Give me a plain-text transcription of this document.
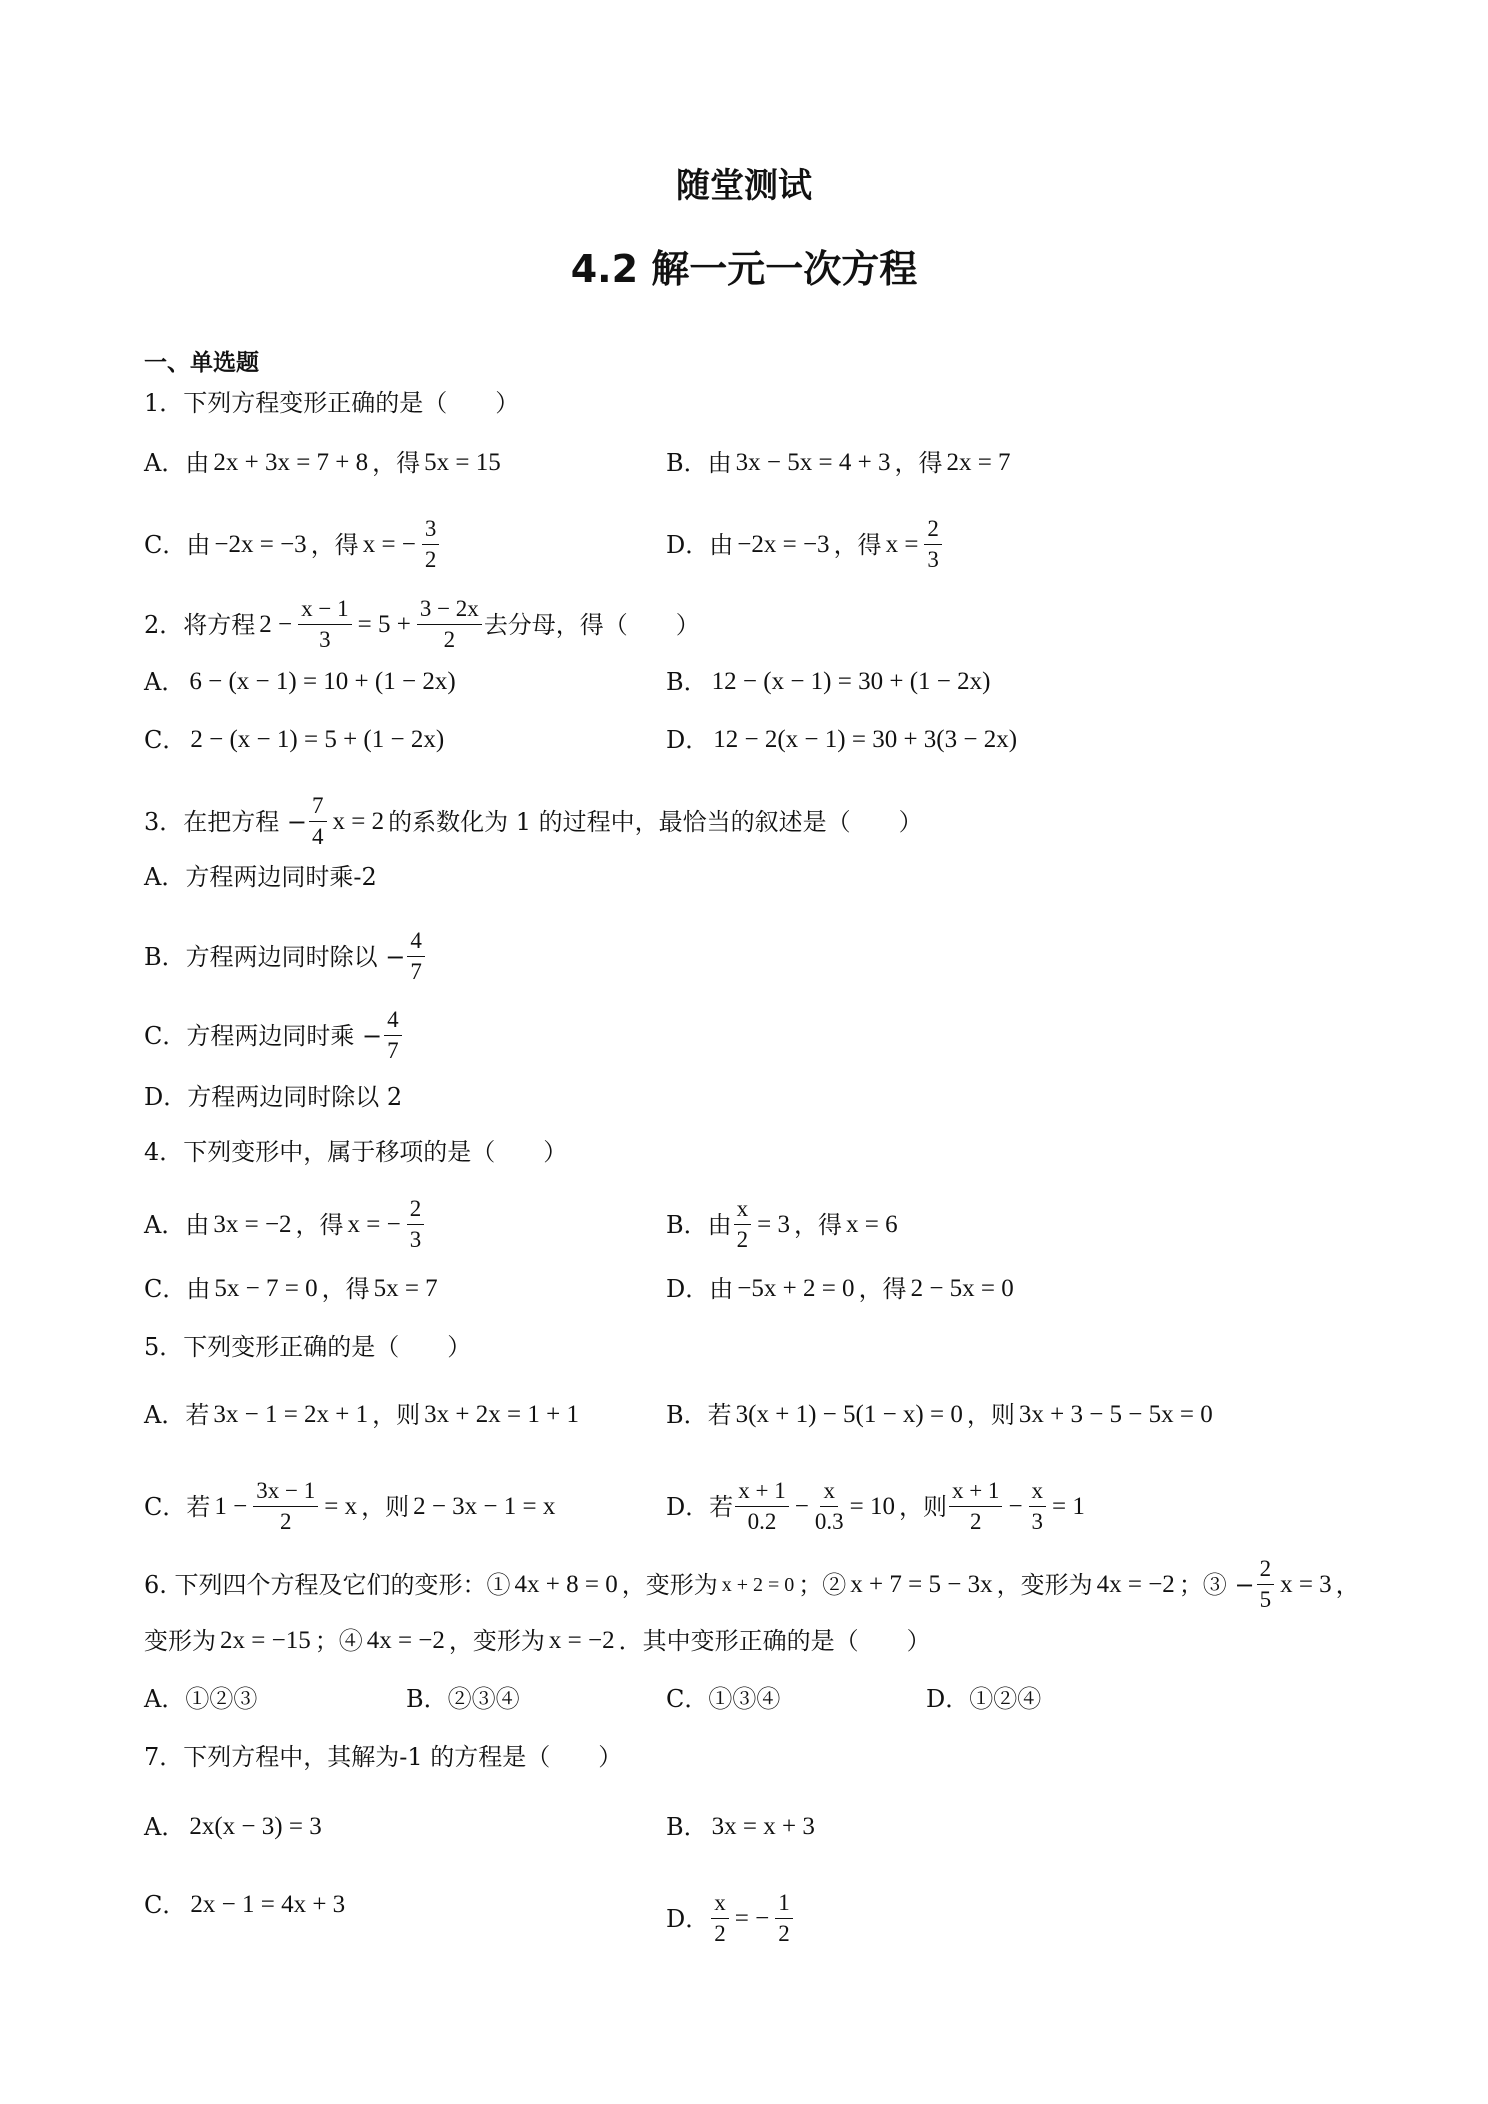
随堂测试
4.2 解一元一次方程
一、单选题
1．下列方程变形正确的是（　　）
A．由 2x + 3x = 7 + 8 ，得 5x = 15	B．由 3x − 5x = 4 + 3 ，得 2x = 7
C．由 −2x = −3 ，得 x = − $\frac{3}{2}$	D．由 −2x = −3 ，得 $x = \frac{2}{3}$
2．将方程 $2 - \frac{x - 1}{3} = 5 + \frac{3 - 2x}{2}$ 去分母，得（　　）
A． 6 − (x − 1) = 10 + (1 − 2x)	B． 12 − (x − 1) = 30 + (1 − 2x)
C． 2 − (x − 1) = 5 + (1 − 2x)	D． 12 − 2(x − 1) = 30 + 3(3 − 2x)
3．在把方程 − $\frac{7}{4}$ x = 2 的系数化为 1 的过程中，最恰当的叙述是（　　）
A．方程两边同时乘-2
B．方程两边同时除以 − $\frac{4}{7}$
C．方程两边同时乘 − $\frac{4}{7}$
D．方程两边同时除以 2
4．下列变形中，属于移项的是（　　）
A．由 3x = −2 ，得 x = − $\frac{2}{3}$	B．由 $\frac{x}{2} = 3$ ，得 x = 6
C．由 5x − 7 = 0 ，得 5x = 7	D．由 −5x + 2 = 0 ，得 2 − 5x = 0
5．下列变形正确的是（　　）
A．若 3x − 1 = 2x + 1 ，则 3x + 2x = 1 + 1	B．若 3(x + 1) − 5(1 − x) = 0 ，则 3x + 3 − 5 − 5x = 0
C．若 $1 - \frac{3x - 1}{2} = x$ ，则 2 − 3x − 1 = x	D．若 $\frac{x + 1}{0.2} - \frac{x}{0.3} = 10$ ，则 $\frac{x + 1}{2} - \frac{x}{3} = 1$
6. 下列四个方程及它们的变形：① 4x + 8 = 0 ，变形为 x + 2 = 0 ；② x + 7 = 5 − 3x ，变形为 4x = −2 ；③ − $\frac{2}{5}$ x = 3 ，
变形为 2x = −15 ；④ 4x = −2 ，变形为 x = −2 ．其中变形正确的是（　　）
A．①②③	B．②③④	C．①③④	D．①②④
7．下列方程中，其解为-1 的方程是（　　）
A． 2x(x − 3) = 3	B． 3x = x + 3
C． 2x − 1 = 4x + 3	D． $\frac{x}{2}$ = − $\frac{1}{2}$
